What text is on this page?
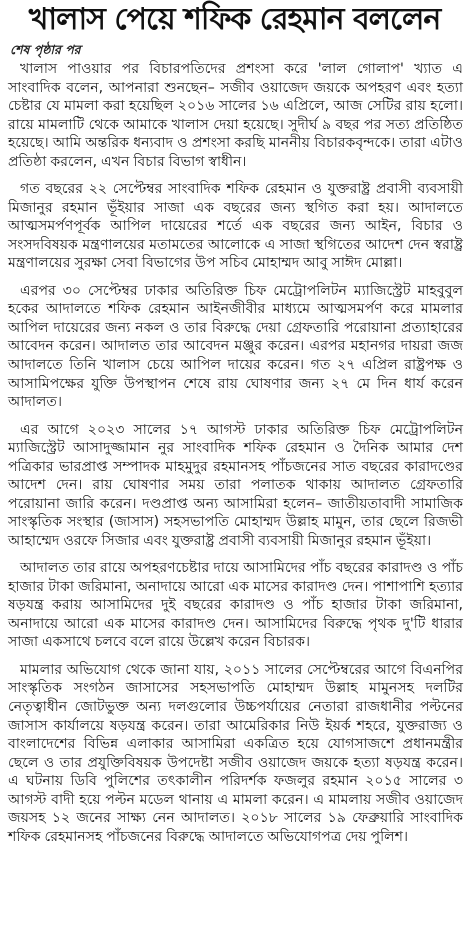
খালাস পেয়ে শফিক রেহমান বললেন
শেষ পৃষ্ঠার পর

খালাস পাওয়ার পর বিচারপতিদের প্রশংসা করে 'লাল গোলাপ' খ্যাত এ সাংবাদিক বলেন, আপনারা শুনছেন– সজীব ওয়াজেদ জয়কে অপহরণ এবং হত্যা চেষ্টার যে মামলা করা হয়েছিল ২০১৬ সালের ১৬ এপ্রিলে, আজ সেটির রায় হলো। রায়ে মামলাটি থেকে আমাকে খালাস দেয়া হয়েছে। সুদীর্ঘ ৯ বছর পর সত্য প্রতিষ্ঠিত হয়েছে। আমি অন্তরিক ধন্যবাদ ও প্রশংসা করছি মাননীয় বিচারকবৃন্দকে। তারা এটাও প্রতিষ্ঠা করলেন, এখন বিচার বিভাগ স্বাধীন।

গত বছরের ২২ সেপ্টেম্বর সাংবাদিক শফিক রেহমান ও যুক্তরাষ্ট্র প্রবাসী ব্যবসায়ী মিজানুর রহমান ভূঁইয়ার সাজা এক বছরের জন্য স্থগিত করা হয়। আদালতে আত্মসমর্পণপূর্বক আপিল দায়েরের শর্তে এক বছরের জন্য আইন, বিচার ও সংসদবিষয়ক মন্ত্রণালয়ের মতামতের আলোকে এ সাজা স্থগিতের আদেশ দেন স্বরাষ্ট্র মন্ত্রণালয়ের সুরক্ষা সেবা বিভাগের উপ সচিব মোহাম্মদ আবু সাঈদ মোল্লা।

এরপর ৩০ সেপ্টেম্বর ঢাকার অতিরিক্ত চিফ মেট্রোপলিটন ম্যাজিস্ট্রেট মাহবুবুল হকের আদালতে শফিক রেহমান আইনজীবীর মাধ্যমে আত্মসমর্পণ করে মামলার আপিল দায়েরের জন্য নকল ও তার বিরুদ্ধে দেয়া গ্রেফতারি পরোয়ানা প্রত্যাহারের আবেদন করেন। আদালত তার আবেদন মঞ্জুর করেন। এরপর মহানগর দায়রা জজ আদালতে তিনি খালাস চেয়ে আপিল দায়ের করেন। গত ২৭ এপ্রিল রাষ্ট্রপক্ষ ও আসামিপক্ষের যুক্তি উপস্থাপন শেষে রায় ঘোষণার জন্য ২৭ মে দিন ধার্য করেন আদালত।

এর আগে ২০২৩ সালের ১৭ আগস্ট ঢাকার অতিরিক্ত চিফ মেট্রোপলিটন ম্যাজিস্ট্রেট আসাদুজ্জামান নুর সাংবাদিক শফিক রেহমান ও দৈনিক আমার দেশ পত্রিকার ভারপ্রাপ্ত সম্পাদক মাহমুদুর রহমানসহ পাঁচজনের সাত বছরের কারাদণ্ডের আদেশ দেন। রায় ঘোষণার সময় তারা পলাতক থাকায় আদালত গ্রেফতারি পরোয়ানা জারি করেন। দণ্ডপ্রাপ্ত অন্য আসামিরা হলেন– জাতীয়তাবাদী সামাজিক সাংস্কৃতিক সংস্থার (জাসাস) সহসভাপতি মোহাম্মদ উল্লাহ মামুন, তার ছেলে রিজভী আহাম্মেদ ওরফে সিজার এবং যুক্তরাষ্ট্র প্রবাসী ব্যবসায়ী মিজানুর রহমান ভূঁইয়া।

আদালত তার রায়ে অপহরণচেষ্টার দায়ে আসামিদের পাঁচ বছরের কারাদণ্ড ও পাঁচ হাজার টাকা জরিমানা, অনাদায়ে আরো এক মাসের কারাদণ্ড দেন। পাশাপাশি হত্যার ষড়যন্ত্র করায় আসামিদের দুই বছরের কারাদণ্ড ও পাঁচ হাজার টাকা জরিমানা, অনাদায়ে আরো এক মাসের কারাদণ্ড দেন। আসামিদের বিরুদ্ধে পৃথক দু'টি ধারার সাজা একসাথে চলবে বলে রায়ে উল্লেখ করেন বিচারক।

মামলার অভিযোগ থেকে জানা যায়, ২০১১ সালের সেপ্টেম্বরের আগে বিএনপির সাংস্কৃতিক সংগঠন জাসাসের সহসভাপতি মোহাম্মদ উল্লাহ মামুনসহ দলটির নেতৃত্বাধীন জোটভুক্ত অন্য দলগুলোর উচ্চপর্যায়ের নেতারা রাজধানীর পল্টনের জাসাস কার্যালয়ে ষড়যন্ত্র করেন। তারা আমেরিকার নিউ ইয়র্ক শহরে, যুক্তরাজ্য ও বাংলাদেশের বিভিন্ন এলাকার আসামিরা একত্রিত হয়ে যোগসাজশে প্রধানমন্ত্রীর ছেলে ও তার প্রযুক্তিবিষয়ক উপদেষ্টা সজীব ওয়াজেদ জয়কে হত্যা ষড়যন্ত্র করেন। এ ঘটনায় ডিবি পুলিশের তৎকালীন পরিদর্শক ফজলুর রহমান ২০১৫ সালের ৩ আগস্ট বাদী হয়ে পল্টন মডেল থানায় এ মামলা করেন। এ মামলায় সজীব ওয়াজেদ জয়সহ ১২ জনের সাক্ষ্য নেন আদালত। ২০১৮ সালের ১৯ ফেব্রুয়ারি সাংবাদিক শফিক রেহমানসহ পাঁচজনের বিরুদ্ধে আদালতে অভিযোগপত্র দেয় পুলিশ।
